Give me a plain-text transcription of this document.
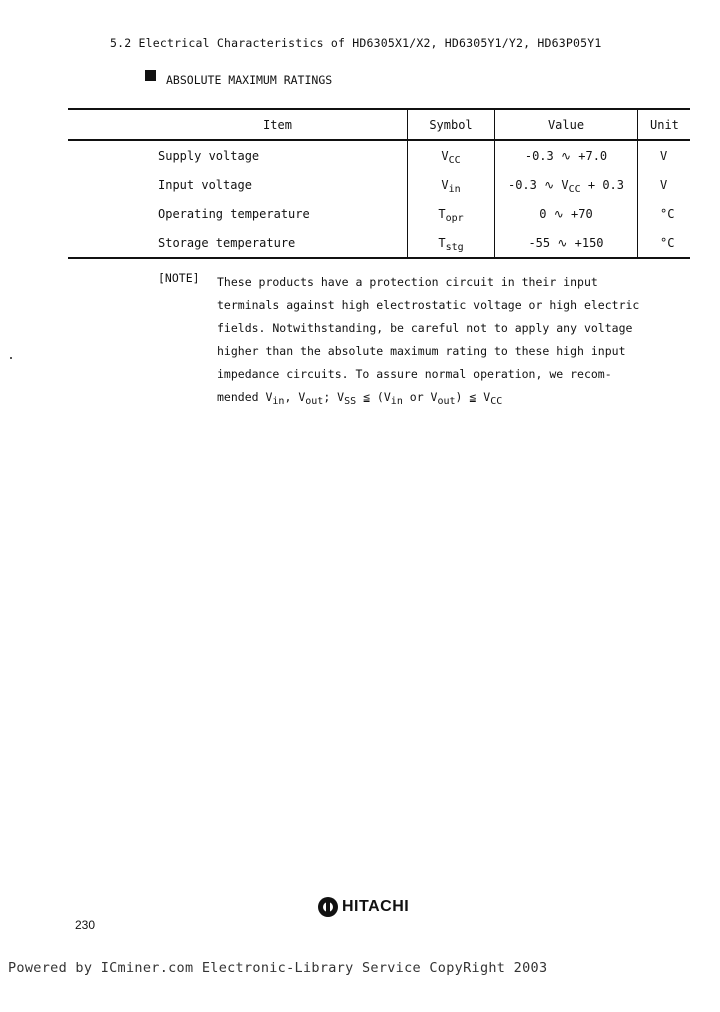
5.2 Electrical Characteristics of HD6305X1/X2, HD6305Y1/Y2, HD63P05Y1
ABSOLUTE MAXIMUM RATINGS
Item	Symbol	Value	Unit
Supply voltage	$V_{CC}$	-0.3 ∿ +7.0	V
Input voltage	$V_{in}$	-0.3 ∿ $V_{CC} + 0.3$	V
Operating temperature	$T_{opr}$	0 ∿ +70	°C
Storage temperature	$T_{stg}$	-55 ∿ +150	°C
[NOTE] These products have a protection circuit in their input
terminals against high electrostatic voltage or high electric
fields. Notwithstanding, be careful not to apply any voltage
higher than the absolute maximum rating to these high input
impedance circuits. To assure normal operation, we recom-
mended $V_{in}$, $V_{out}$; $V_{SS}$ ≦ ($V_{in}$ or $V_{out}$) ≦ $V_{CC}$
230
HITACHI
Powered by ICminer.com Electronic-Library Service CopyRight 2003
